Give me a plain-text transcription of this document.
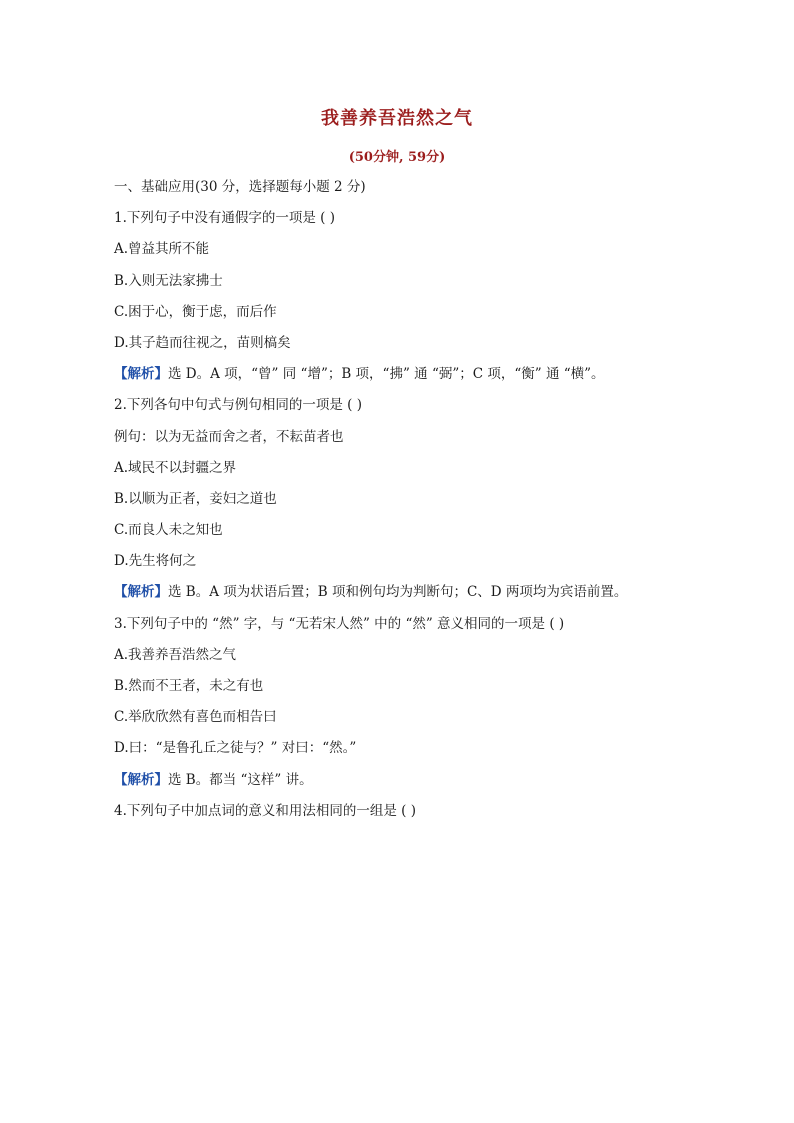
我善养吾浩然之气
(50分钟, 59分)
一、基础应用(30 分，选择题每小题 2 分)
1.下列句子中没有通假字的一项是 ( )
A.曾益其所不能
B.入则无法家拂士
C.困于心，衡于虑，而后作
D.其子趋而往视之，苗则槁矣
【解析】选 D。A 项，“曾” 同 “增”；B 项，“拂” 通 “弼”；C 项，“衡” 通 “横”。
2.下列各句中句式与例句相同的一项是 ( )
例句：以为无益而舍之者，不耘苗者也
A.域民不以封疆之界
B.以顺为正者，妾妇之道也
C.而良人未之知也
D.先生将何之
【解析】选 B。A 项为状语后置；B 项和例句均为判断句；C、D 两项均为宾语前置。
3.下列句子中的 “然” 字，与 “无若宋人然” 中的 “然” 意义相同的一项是 ( )
A.我善养吾浩然之气
B.然而不王者，未之有也
C.举欣欣然有喜色而相告曰
D.曰：“是鲁孔丘之徒与？” 对曰：“然。”
【解析】选 B。都当 “这样” 讲。
4.下列句子中加点词的意义和用法相同的一组是 ( )
